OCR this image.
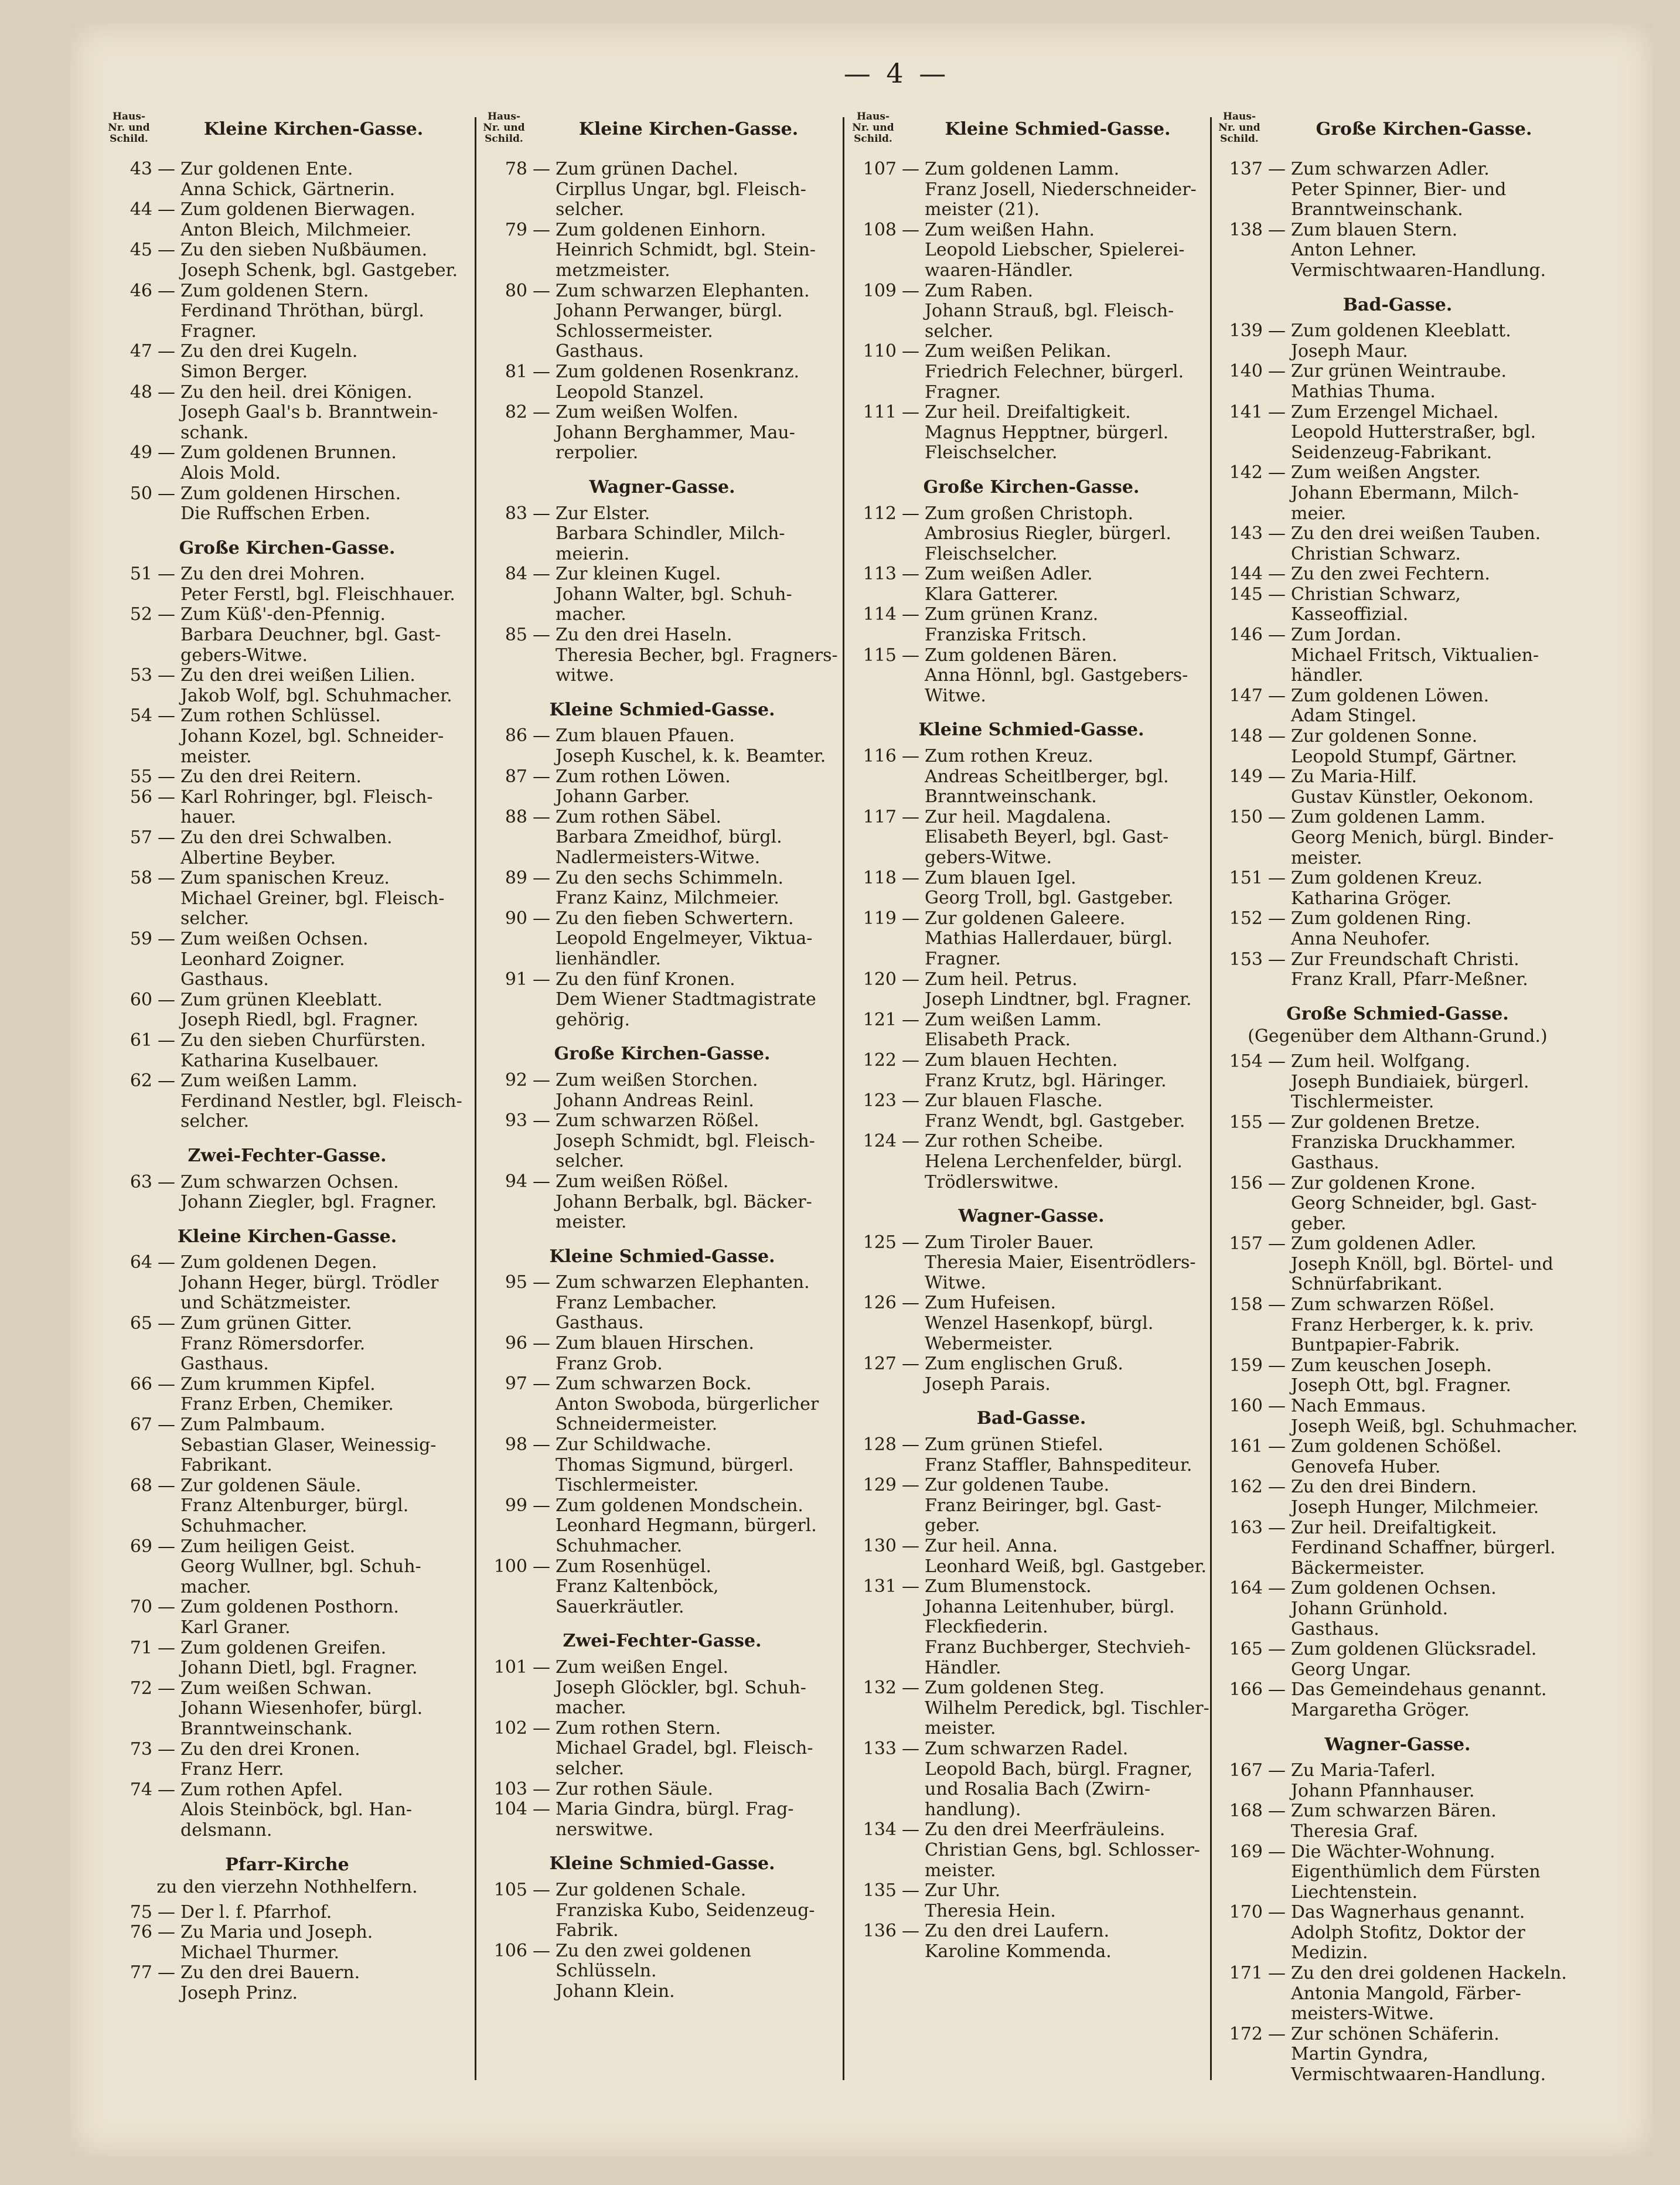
— 4 —
Haus-Nr. und Schild.	Kleine Kirchen-Gasse.
43 — Zur goldenen Ente.
Anna Schick, Gärtnerin.
44 — Zum goldenen Bierwagen.
Anton Bleich, Milchmeier.
45 — Zu den sieben Nußbäumen.
Joseph Schenk, bgl. Gastgeber.
46 — Zum goldenen Stern.
Ferdinand Thröthan, bürgl.
Fragner.
47 — Zu den drei Kugeln.
Simon Berger.
48 — Zu den heil. drei Königen.
Joseph Gaal's b. Branntwein-
schank.
49 — Zum goldenen Brunnen.
Alois Mold.
50 — Zum goldenen Hirschen.
Die Ruffschen Erben.
Große Kirchen-Gasse.
51 — Zu den drei Mohren.
Peter Ferstl, bgl. Fleischhauer.
52 — Zum Küß'-den-Pfennig.
Barbara Deuchner, bgl. Gast-
gebers-Witwe.
53 — Zu den drei weißen Lilien.
Jakob Wolf, bgl. Schuhmacher.
54 — Zum rothen Schlüssel.
Johann Kozel, bgl. Schneider-
meister.
55 — Zu den drei Reitern.
56 — Karl Rohringer, bgl. Fleisch-
hauer.
57 — Zu den drei Schwalben.
Albertine Beyber.
58 — Zum spanischen Kreuz.
Michael Greiner, bgl. Fleisch-
selcher.
59 — Zum weißen Ochsen.
Leonhard Zoigner.
Gasthaus.
60 — Zum grünen Kleeblatt.
Joseph Riedl, bgl. Fragner.
61 — Zu den sieben Churfürsten.
Katharina Kuselbauer.
62 — Zum weißen Lamm.
Ferdinand Nestler, bgl. Fleisch-
selcher.
Zwei-Fechter-Gasse.
63 — Zum schwarzen Ochsen.
Johann Ziegler, bgl. Fragner.
Kleine Kirchen-Gasse.
64 — Zum goldenen Degen.
Johann Heger, bürgl. Trödler
und Schätzmeister.
65 — Zum grünen Gitter.
Franz Römersdorfer.
Gasthaus.
66 — Zum krummen Kipfel.
Franz Erben, Chemiker.
67 — Zum Palmbaum.
Sebastian Glaser, Weinessig-
Fabrikant.
68 — Zur goldenen Säule.
Franz Altenburger, bürgl.
Schuhmacher.
69 — Zum heiligen Geist.
Georg Wullner, bgl. Schuh-
macher.
70 — Zum goldenen Posthorn.
Karl Graner.
71 — Zum goldenen Greifen.
Johann Dietl, bgl. Fragner.
72 — Zum weißen Schwan.
Johann Wiesenhofer, bürgl.
Branntweinschank.
73 — Zu den drei Kronen.
Franz Herr.
74 — Zum rothen Apfel.
Alois Steinböck, bgl. Han-
delsmann.
Pfarr-Kirche
zu den vierzehn Nothhelfern.
75 — Der l. f. Pfarrhof.
76 — Zu Maria und Joseph.
Michael Thurmer.
77 — Zu den drei Bauern.
Joseph Prinz.
Haus-Nr. und Schild.	Kleine Kirchen-Gasse.
78 — Zum grünen Dachel.
Cirpllus Ungar, bgl. Fleisch-
selcher.
79 — Zum goldenen Einhorn.
Heinrich Schmidt, bgl. Stein-
metzmeister.
80 — Zum schwarzen Elephanten.
Johann Perwanger, bürgl.
Schlossermeister.
Gasthaus.
81 — Zum goldenen Rosenkranz.
Leopold Stanzel.
82 — Zum weißen Wolfen.
Johann Berghammer, Mau-
rerpolier.
Wagner-Gasse.
83 — Zur Elster.
Barbara Schindler, Milch-
meierin.
84 — Zur kleinen Kugel.
Johann Walter, bgl. Schuh-
macher.
85 — Zu den drei Haseln.
Theresia Becher, bgl. Fragners-
witwe.
Kleine Schmied-Gasse.
86 — Zum blauen Pfauen.
Joseph Kuschel, k. k. Beamter.
87 — Zum rothen Löwen.
Johann Garber.
88 — Zum rothen Säbel.
Barbara Zmeidhof, bürgl.
Nadlermeisters-Witwe.
89 — Zu den sechs Schimmeln.
Franz Kainz, Milchmeier.
90 — Zu den fieben Schwertern.
Leopold Engelmeyer, Viktua-
lienhändler.
91 — Zu den fünf Kronen.
Dem Wiener Stadtmagistrate
gehörig.
Große Kirchen-Gasse.
92 — Zum weißen Storchen.
Johann Andreas Reinl.
93 — Zum schwarzen Rößel.
Joseph Schmidt, bgl. Fleisch-
selcher.
94 — Zum weißen Rößel.
Johann Berbalk, bgl. Bäcker-
meister.
Kleine Schmied-Gasse.
95 — Zum schwarzen Elephanten.
Franz Lembacher.
Gasthaus.
96 — Zum blauen Hirschen.
Franz Grob.
97 — Zum schwarzen Bock.
Anton Swoboda, bürgerlicher
Schneidermeister.
98 — Zur Schildwache.
Thomas Sigmund, bürgerl.
Tischlermeister.
99 — Zum goldenen Mondschein.
Leonhard Hegmann, bürgerl.
Schuhmacher.
100 — Zum Rosenhügel.
Franz Kaltenböck, Sauerkräutler.
Zwei-Fechter-Gasse.
101 — Zum weißen Engel.
Joseph Glöckler, bgl. Schuh-
macher.
102 — Zum rothen Stern.
Michael Gradel, bgl. Fleisch-
selcher.
103 — Zur rothen Säule.
104 — Maria Gindra, bürgl. Frag-
nerswitwe.
Kleine Schmied-Gasse.
105 — Zur goldenen Schale.
Franziska Kubo, Seidenzeug-
Fabrik.
106 — Zu den zwei goldenen Schlüsseln.
Johann Klein.
Haus-Nr. und Schild.	Kleine Schmied-Gasse.
107 — Zum goldenen Lamm.
Franz Josell, Niederschneider-
meister (21).
108 — Zum weißen Hahn.
Leopold Liebscher, Spielerei-
waaren-Händler.
109 — Zum Raben.
Johann Strauß, bgl. Fleisch-
selcher.
110 — Zum weißen Pelikan.
Friedrich Felechner, bürgerl.
Fragner.
111 — Zur heil. Dreifaltigkeit.
Magnus Hepptner, bürgerl.
Fleischselcher.
Große Kirchen-Gasse.
112 — Zum großen Christoph.
Ambrosius Riegler, bürgerl.
Fleischselcher.
113 — Zum weißen Adler.
Klara Gatterer.
114 — Zum grünen Kranz.
Franziska Fritsch.
115 — Zum goldenen Bären.
Anna Hönnl, bgl. Gastgebers-
Witwe.
Kleine Schmied-Gasse.
116 — Zum rothen Kreuz.
Andreas Scheitlberger, bgl.
Branntweinschank.
117 — Zur heil. Magdalena.
Elisabeth Beyerl, bgl. Gast-
gebers-Witwe.
118 — Zum blauen Igel.
Georg Troll, bgl. Gastgeber.
119 — Zur goldenen Galeere.
Mathias Hallerdauer, bürgl.
Fragner.
120 — Zum heil. Petrus.
Joseph Lindtner, bgl. Fragner.
121 — Zum weißen Lamm.
Elisabeth Prack.
122 — Zum blauen Hechten.
Franz Krutz, bgl. Häringer.
123 — Zur blauen Flasche.
Franz Wendt, bgl. Gastgeber.
124 — Zur rothen Scheibe.
Helena Lerchenfelder, bürgl.
Trödlerswitwe.
Wagner-Gasse.
125 — Zum Tiroler Bauer.
Theresia Maier, Eisentrödlers-
Witwe.
126 — Zum Hufeisen.
Wenzel Hasenkopf, bürgl.
Webermeister.
127 — Zum englischen Gruß.
Joseph Parais.
Bad-Gasse.
128 — Zum grünen Stiefel.
Franz Staffler, Bahnspediteur.
129 — Zur goldenen Taube.
Franz Beiringer, bgl. Gast-
geber.
130 — Zur heil. Anna.
Leonhard Weiß, bgl. Gastgeber.
131 — Zum Blumenstock.
Johanna Leitenhuber, bürgl.
Fleckfiederin.
Franz Buchberger, Stechvieh-
Händler.
132 — Zum goldenen Steg.
Wilhelm Peredick, bgl. Tischler-
meister.
133 — Zum schwarzen Radel.
Leopold Bach, bürgl. Fragner,
und Rosalia Bach (Zwirn-
handlung).
134 — Zu den drei Meerfräuleins.
Christian Gens, bgl. Schlosser-
meister.
135 — Zur Uhr.
Theresia Hein.
136 — Zu den drei Laufern.
Karoline Kommenda.
Haus-Nr. und Schild.	Große Kirchen-Gasse.
137 — Zum schwarzen Adler.
Peter Spinner, Bier- und
Branntweinschank.
138 — Zum blauen Stern.
Anton Lehner.
Vermischtwaaren-Handlung.
Bad-Gasse.
139 — Zum goldenen Kleeblatt.
Joseph Maur.
140 — Zur grünen Weintraube.
Mathias Thuma.
141 — Zum Erzengel Michael.
Leopold Hutterstraßer, bgl.
Seidenzeug-Fabrikant.
142 — Zum weißen Angster.
Johann Ebermann, Milch-
meier.
143 — Zu den drei weißen Tauben.
Christian Schwarz.
144 — Zu den zwei Fechtern.
145 — Christian Schwarz, Kasseoffizial.
146 — Zum Jordan.
Michael Fritsch, Viktualien-
händler.
147 — Zum goldenen Löwen.
Adam Stingel.
148 — Zur goldenen Sonne.
Leopold Stumpf, Gärtner.
149 — Zu Maria-Hilf.
Gustav Künstler, Oekonom.
150 — Zum goldenen Lamm.
Georg Menich, bürgl. Binder-
meister.
151 — Zum goldenen Kreuz.
Katharina Gröger.
152 — Zum goldenen Ring.
Anna Neuhofer.
153 — Zur Freundschaft Christi.
Franz Krall, Pfarr-Meßner.
Große Schmied-Gasse.
(Gegenüber dem Althann-Grund.)
154 — Zum heil. Wolfgang.
Joseph Bundiaiek, bürgerl.
Tischlermeister.
155 — Zur goldenen Bretze.
Franziska Druckhammer.
Gasthaus.
156 — Zur goldenen Krone.
Georg Schneider, bgl. Gast-
geber.
157 — Zum goldenen Adler.
Joseph Knöll, bgl. Börtel- und
Schnürfabrikant.
158 — Zum schwarzen Rößel.
Franz Herberger, k. k. priv.
Buntpapier-Fabrik.
159 — Zum keuschen Joseph.
Joseph Ott, bgl. Fragner.
160 — Nach Emmaus.
Joseph Weiß, bgl. Schuhmacher.
161 — Zum goldenen Schößel.
Genovefa Huber.
162 — Zu den drei Bindern.
Joseph Hunger, Milchmeier.
163 — Zur heil. Dreifaltigkeit.
Ferdinand Schaffner, bürgerl.
Bäckermeister.
164 — Zum goldenen Ochsen.
Johann Grünhold.
Gasthaus.
165 — Zum goldenen Glücksradel.
Georg Ungar.
166 — Das Gemeindehaus genannt.
Margaretha Gröger.
Wagner-Gasse.
167 — Zu Maria-Taferl.
Johann Pfannhauser.
168 — Zum schwarzen Bären.
Theresia Graf.
169 — Die Wächter-Wohnung.
Eigenthümlich dem Fürsten
Liechtenstein.
170 — Das Wagnerhaus genannt.
Adolph Stofitz, Doktor der
Medizin.
171 — Zu den drei goldenen Hackeln.
Antonia Mangold, Färber-
meisters-Witwe.
172 — Zur schönen Schäferin.
Martin Gyndra,
Vermischtwaaren-Handlung.
